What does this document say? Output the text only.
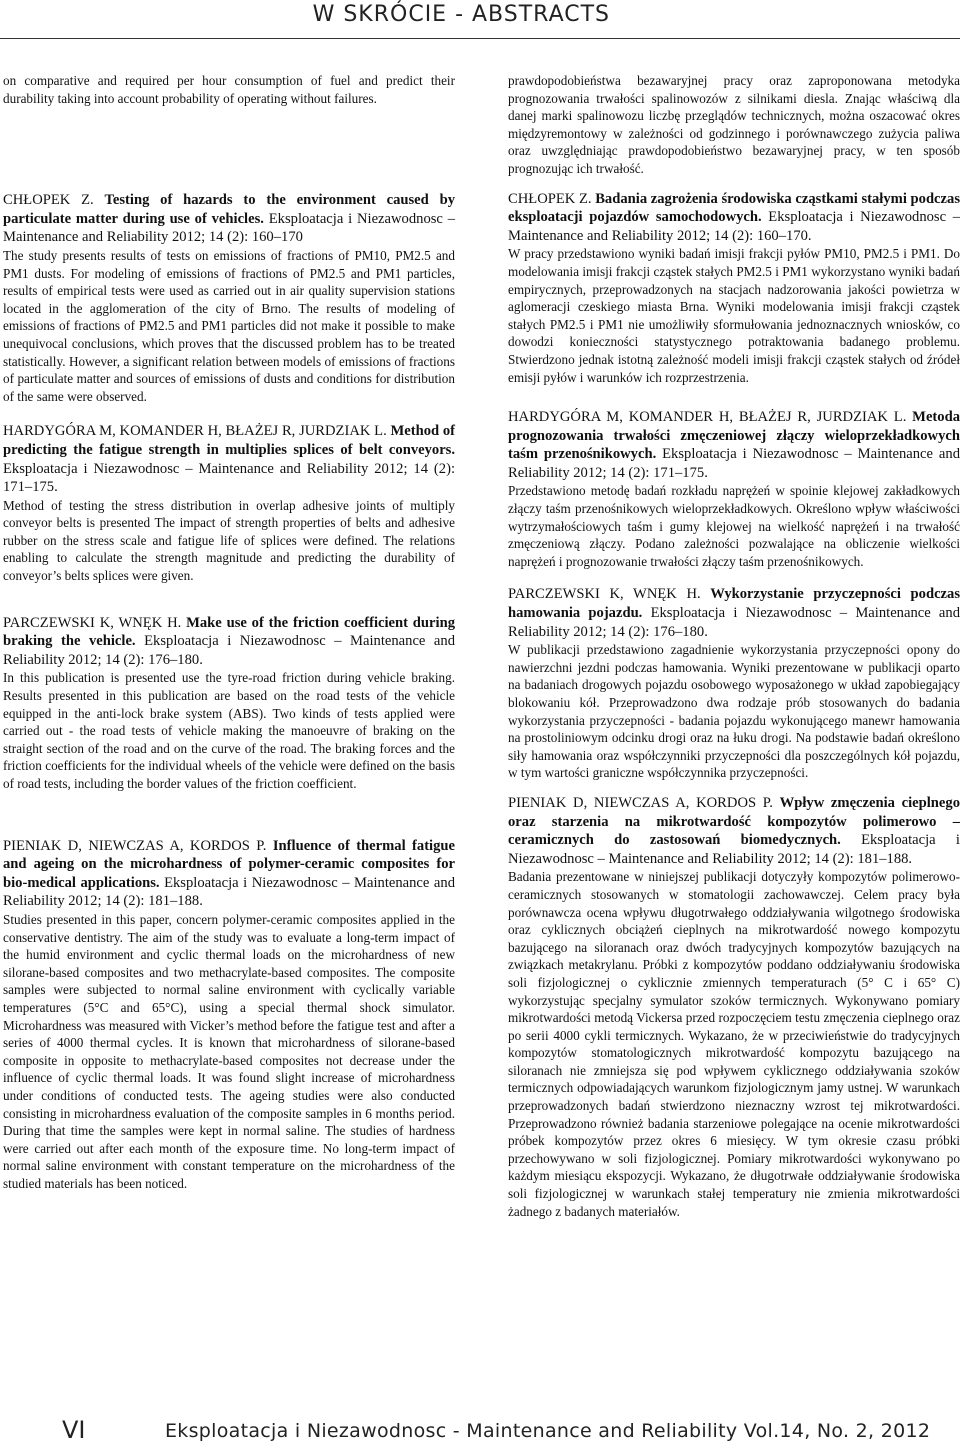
W SKRÓCIE - ABSTRACTS

on comparative and required per hour consumption of fuel and predict their durability taking into account probability of operating without failures.

CHŁOPEK Z. Testing of hazards to the environment caused by particulate matter during use of vehicles. Eksploatacja i Niezawodnosc – Maintenance and Reliability 2012; 14 (2): 160–170

The study presents results of tests on emissions of fractions of PM10, PM2.5 and PM1 dusts. For modeling of emissions of fractions of PM2.5 and PM1 particles, results of empirical tests were used as carried out in air quality supervision stations located in the agglomeration of the city of Brno. The results of modeling of emissions of fractions of PM2.5 and PM1 particles did not make it possible to make unequivocal conclusions, which proves that the discussed problem has to be treated statistically. However, a significant relation between models of emissions of fractions of particulate matter and sources of emissions of dusts and conditions for distribution of the same were observed.

HARDYGÓRA M, KOMANDER H, BŁAŻEJ R, JURDZIAK L. Method of predicting the fatigue strength in multiplies splices of belt conveyors. Eksploatacja i Niezawodnosc – Maintenance and Reliability 2012; 14 (2): 171–175.

Method of testing the stress distribution in overlap adhesive joints of multiply conveyor belts is presented The impact of strength properties of belts and adhesive rubber on the stress scale and fatigue life of splices were defined. The relations enabling to calculate the strength magnitude and predicting the durability of conveyor’s belts splices were given.

PARCZEWSKI K, WNĘK H. Make use of the friction coefficient during braking the vehicle. Eksploatacja i Niezawodnosc – Maintenance and Reliability 2012; 14 (2): 176–180.

In this publication is presented use the tyre-road friction during vehicle braking. Results presented in this publication are based on the road tests of the vehicle equipped in the anti-lock brake system (ABS). Two kinds of tests applied were carried out - the road tests of vehicle making the manoeuvre of braking on the straight section of the road and on the curve of the road. The braking forces and the friction coefficients for the individual wheels of the vehicle were defined on the basis of road tests, including the border values of the friction coefficient.

PIENIAK D, NIEWCZAS A, KORDOS P. Influence of thermal fatigue and ageing on the microhardness of polymer-ceramic composites for bio-medical applications. Eksploatacja i Niezawodnosc – Maintenance and Reliability 2012; 14 (2): 181–188.

Studies presented in this paper, concern polymer-ceramic composites applied in the conservative dentistry. The aim of the study was to evaluate a long-term impact of the humid environment and cyclic thermal loads on the microhardness of new silorane-based composites and two methacrylate-based composites. The composite samples were subjected to normal saline environment with cyclically variable temperatures (5°C and 65°C), using a special thermal shock simulator. Microhardness was measured with Vicker’s method before the fatigue test and after a series of 4000 thermal cycles. It is known that microhardness of silorane-based composite in opposite to methacrylate-based composites not decrease under the influence of cyclic thermal loads. It was found slight increase of microhardness under conditions of conducted tests. The ageing studies were also conducted consisting in microhardness evaluation of the composite samples in 6 months period. During that time the samples were kept in normal saline. The studies of hardness were carried out after each month of the exposure time. No long-term impact of normal saline environment with constant temperature on the microhardness of the studied materials has been noticed.

prawdopodobieństwa bezawaryjnej pracy oraz zaproponowana metodyka prognozowania trwałości spalinowozów z silnikami diesla. Znając właściwą dla danej marki spalinowozu liczbę przeglądów technicznych, można oszacować okres międzyremontowy w zależności od godzinnego i porównawczego zużycia paliwa oraz uwzględniając prawdopodobieństwo bezawaryjnej pracy, w ten sposób prognozując ich trwałość.

CHŁOPEK Z. Badania zagrożenia środowiska cząstkami stałymi podczas eksploatacji pojazdów samochodowych. Eksploatacja i Niezawodnosc – Maintenance and Reliability 2012; 14 (2): 160–170.

W pracy przedstawiono wyniki badań imisji frakcji pyłów PM10, PM2.5 i PM1. Do modelowania imisji frakcji cząstek stałych PM2.5 i PM1 wykorzystano wyniki badań empirycznych, przeprowadzonych na stacjach nadzorowania jakości powietrza w aglomeracji czeskiego miasta Brna. Wyniki modelowania imisji frakcji cząstek stałych PM2.5 i PM1 nie umożliwiły sformułowania jednoznacznych wniosków, co dowodzi konieczności statystycznego potraktowania badanego problemu. Stwierdzono jednak istotną zależność modeli imisji frakcji cząstek stałych od źródeł emisji pyłów i warunków ich rozprzestrzenia.

HARDYGÓRA M, KOMANDER H, BŁAŻEJ R, JURDZIAK L. Metoda prognozowania trwałości zmęczeniowej złączy wieloprzekładkowych taśm przenośnikowych. Eksploatacja i Niezawodnosc – Maintenance and Reliability 2012; 14 (2): 171–175.

Przedstawiono metodę badań rozkładu naprężeń w spoinie klejowej zakładkowych złączy taśm przenośnikowych wieloprzekładkowych. Określono wpływ właściwości wytrzymałościowych taśm i gumy klejowej na wielkość naprężeń i na trwałość zmęczeniową złączy. Podano zależności pozwalające na obliczenie wielkości naprężeń i prognozowanie trwałości złączy taśm przenośnikowych.

PARCZEWSKI K, WNĘK H. Wykorzystanie przyczepności podczas hamowania pojazdu. Eksploatacja i Niezawodnosc – Maintenance and Reliability 2012; 14 (2): 176–180.

W publikacji przedstawiono zagadnienie wykorzystania przyczepności opony do nawierzchni jezdni podczas hamowania. Wyniki prezentowane w publikacji oparto na badaniach drogowych pojazdu osobowego wyposażonego w układ zapobiegający blokowaniu kół. Przeprowadzono dwa rodzaje prób stosowanych do badania wykorzystania przyczepności - badania pojazdu wykonującego manewr hamowania na prostoliniowym odcinku drogi oraz na łuku drogi. Na podstawie badań określono siły hamowania oraz współczynniki przyczepności dla poszczególnych kół pojazdu, w tym wartości graniczne współczynnika przyczepności.

PIENIAK D, NIEWCZAS A, KORDOS P. Wpływ zmęczenia cieplnego oraz starzenia na mikrotwardość kompozytów polimerowo – ceramicznych do zastosowań biomedycznych. Eksploatacja i Niezawodnosc – Maintenance and Reliability 2012; 14 (2): 181–188.

Badania prezentowane w niniejszej publikacji dotyczyły kompozytów polimerowo-ceramicznych stosowanych w stomatologii zachowawczej. Celem pracy była porównawcza ocena wpływu długotrwałego oddziaływania wilgotnego środowiska oraz cyklicznych obciążeń cieplnych na mikrotwardość nowego kompozytu bazującego na siloranach oraz dwóch tradycyjnych kompozytów bazujących na związkach metakrylanu. Próbki z kompozytów poddano oddziaływaniu środowiska soli fizjologicznej o cyklicznie zmiennych temperaturach (5° C i 65° C) wykorzystując specjalny symulator szoków termicznych. Wykonywano pomiary mikrotwardości metodą Vickersa przed rozpoczęciem testu zmęczenia cieplnego oraz po serii 4000 cykli termicznych. Wykazano, że w przeciwieństwie do tradycyjnych kompozytów stomatologicznych mikrotwardość kompozytu bazującego na siloranach nie zmniejsza się pod wpływem cyklicznego oddziaływania szoków termicznych odpowiadających warunkom fizjologicznym jamy ustnej. W warunkach przeprowadzonych badań stwierdzono nieznaczny wzrost tej mikrotwardości. Przeprowadzono również badania starzeniowe polegające na ocenie mikrotwardości próbek kompozytów przez okres 6 miesięcy. W tym okresie czasu próbki przechowywano w soli fizjologicznej. Pomiary mikrotwardości wykonywano po każdym miesiącu ekspozycji. Wykazano, że długotrwałe oddziaływanie środowiska soli fizjologicznej w warunkach stałej temperatury nie zmienia mikrotwardości żadnego z badanych materiałów.

VI	Eksploatacja i Niezawodnosc - Maintenance and Reliability Vol.14, No. 2, 2012
